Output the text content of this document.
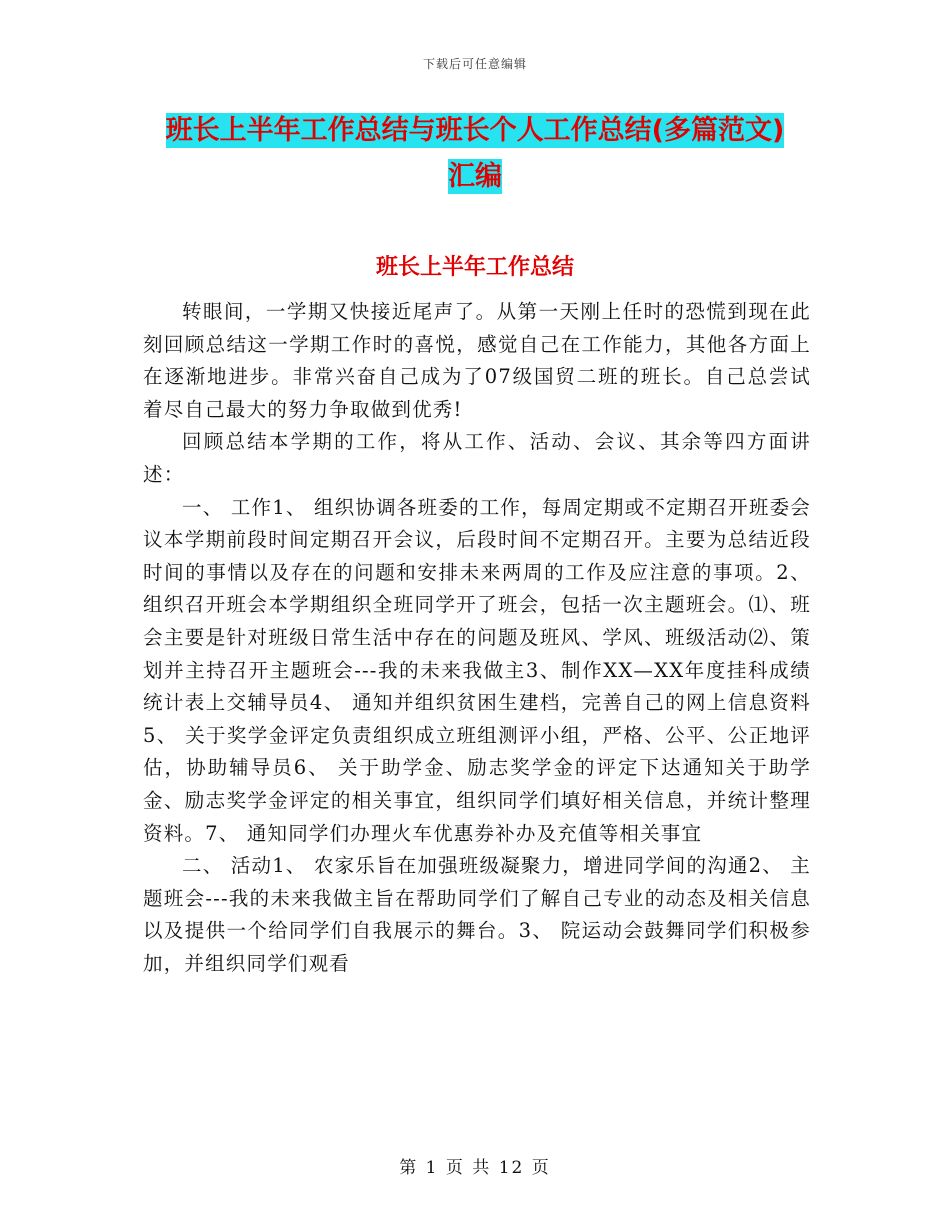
下载后可任意编辑
班长上半年工作总结与班长个人工作总结(多篇范文)
汇编
班长上半年工作总结

转眼间，一学期又快接近尾声了。从第一天刚上任时的恐慌到现在此刻回顾总结这一学期工作时的喜悦，感觉自己在工作能力，其他各方面上在逐渐地进步。非常兴奋自己成为了07级国贸二班的班长。自己总尝试着尽自己最大的努力争取做到优秀!

回顾总结本学期的工作，将从工作、活动、会议、其余等四方面讲述：

一、 工作1、 组织协调各班委的工作，每周定期或不定期召开班委会议本学期前段时间定期召开会议，后段时间不定期召开。主要为总结近段时间的事情以及存在的问题和安排未来两周的工作及应注意的事项。2、 组织召开班会本学期组织全班同学开了班会，包括一次主题班会。⑴、班会主要是针对班级日常生活中存在的问题及班风、学风、班级活动⑵、策划并主持召开主题班会---我的未来我做主3、制作XX—XX年度挂科成绩统计表上交辅导员4、 通知并组织贫困生建档，完善自己的网上信息资料5、 关于奖学金评定负责组织成立班组测评小组，严格、公平、公正地评估，协助辅导员6、 关于助学金、励志奖学金的评定下达通知关于助学金、励志奖学金评定的相关事宜，组织同学们填好相关信息，并统计整理资料。7、 通知同学们办理火车优惠券补办及充值等相关事宜

二、 活动1、 农家乐旨在加强班级凝聚力，增进同学间的沟通2、 主题班会---我的未来我做主旨在帮助同学们了解自己专业的动态及相关信息以及提供一个给同学们自我展示的舞台。3、 院运动会鼓舞同学们积极参加，并组织同学们观看

第 1 页 共 12 页
